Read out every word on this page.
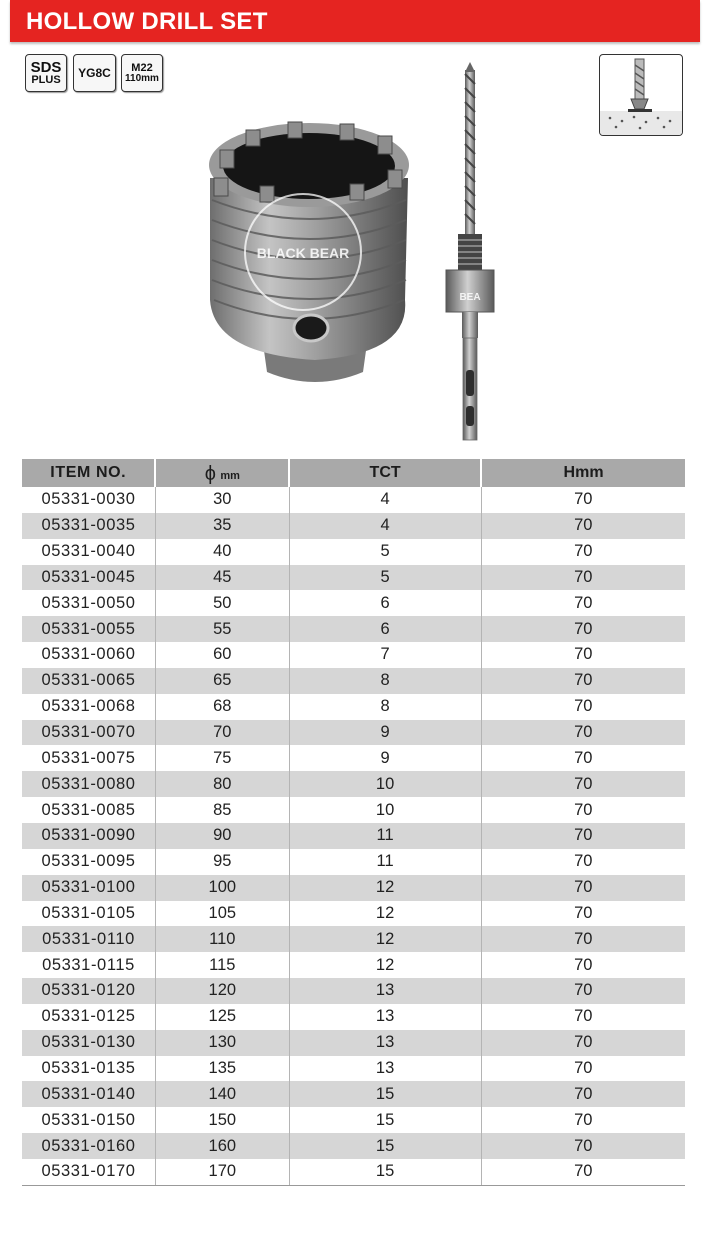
HOLLOW DRILL SET
SDS
PLUS YG8C M22
110mm
BLACK BEAR
BEA
ITEM NO.	ϕ mm	TCT	Hmm
05331-0030	30	4	70
05331-0035	35	4	70
05331-0040	40	5	70
05331-0045	45	5	70
05331-0050	50	6	70
05331-0055	55	6	70
05331-0060	60	7	70
05331-0065	65	8	70
05331-0068	68	8	70
05331-0070	70	9	70
05331-0075	75	9	70
05331-0080	80	10	70
05331-0085	85	10	70
05331-0090	90	11	70
05331-0095	95	11	70
05331-0100	100	12	70
05331-0105	105	12	70
05331-0110	110	12	70
05331-0115	115	12	70
05331-0120	120	13	70
05331-0125	125	13	70
05331-0130	130	13	70
05331-0135	135	13	70
05331-0140	140	15	70
05331-0150	150	15	70
05331-0160	160	15	70
05331-0170	170	15	70
